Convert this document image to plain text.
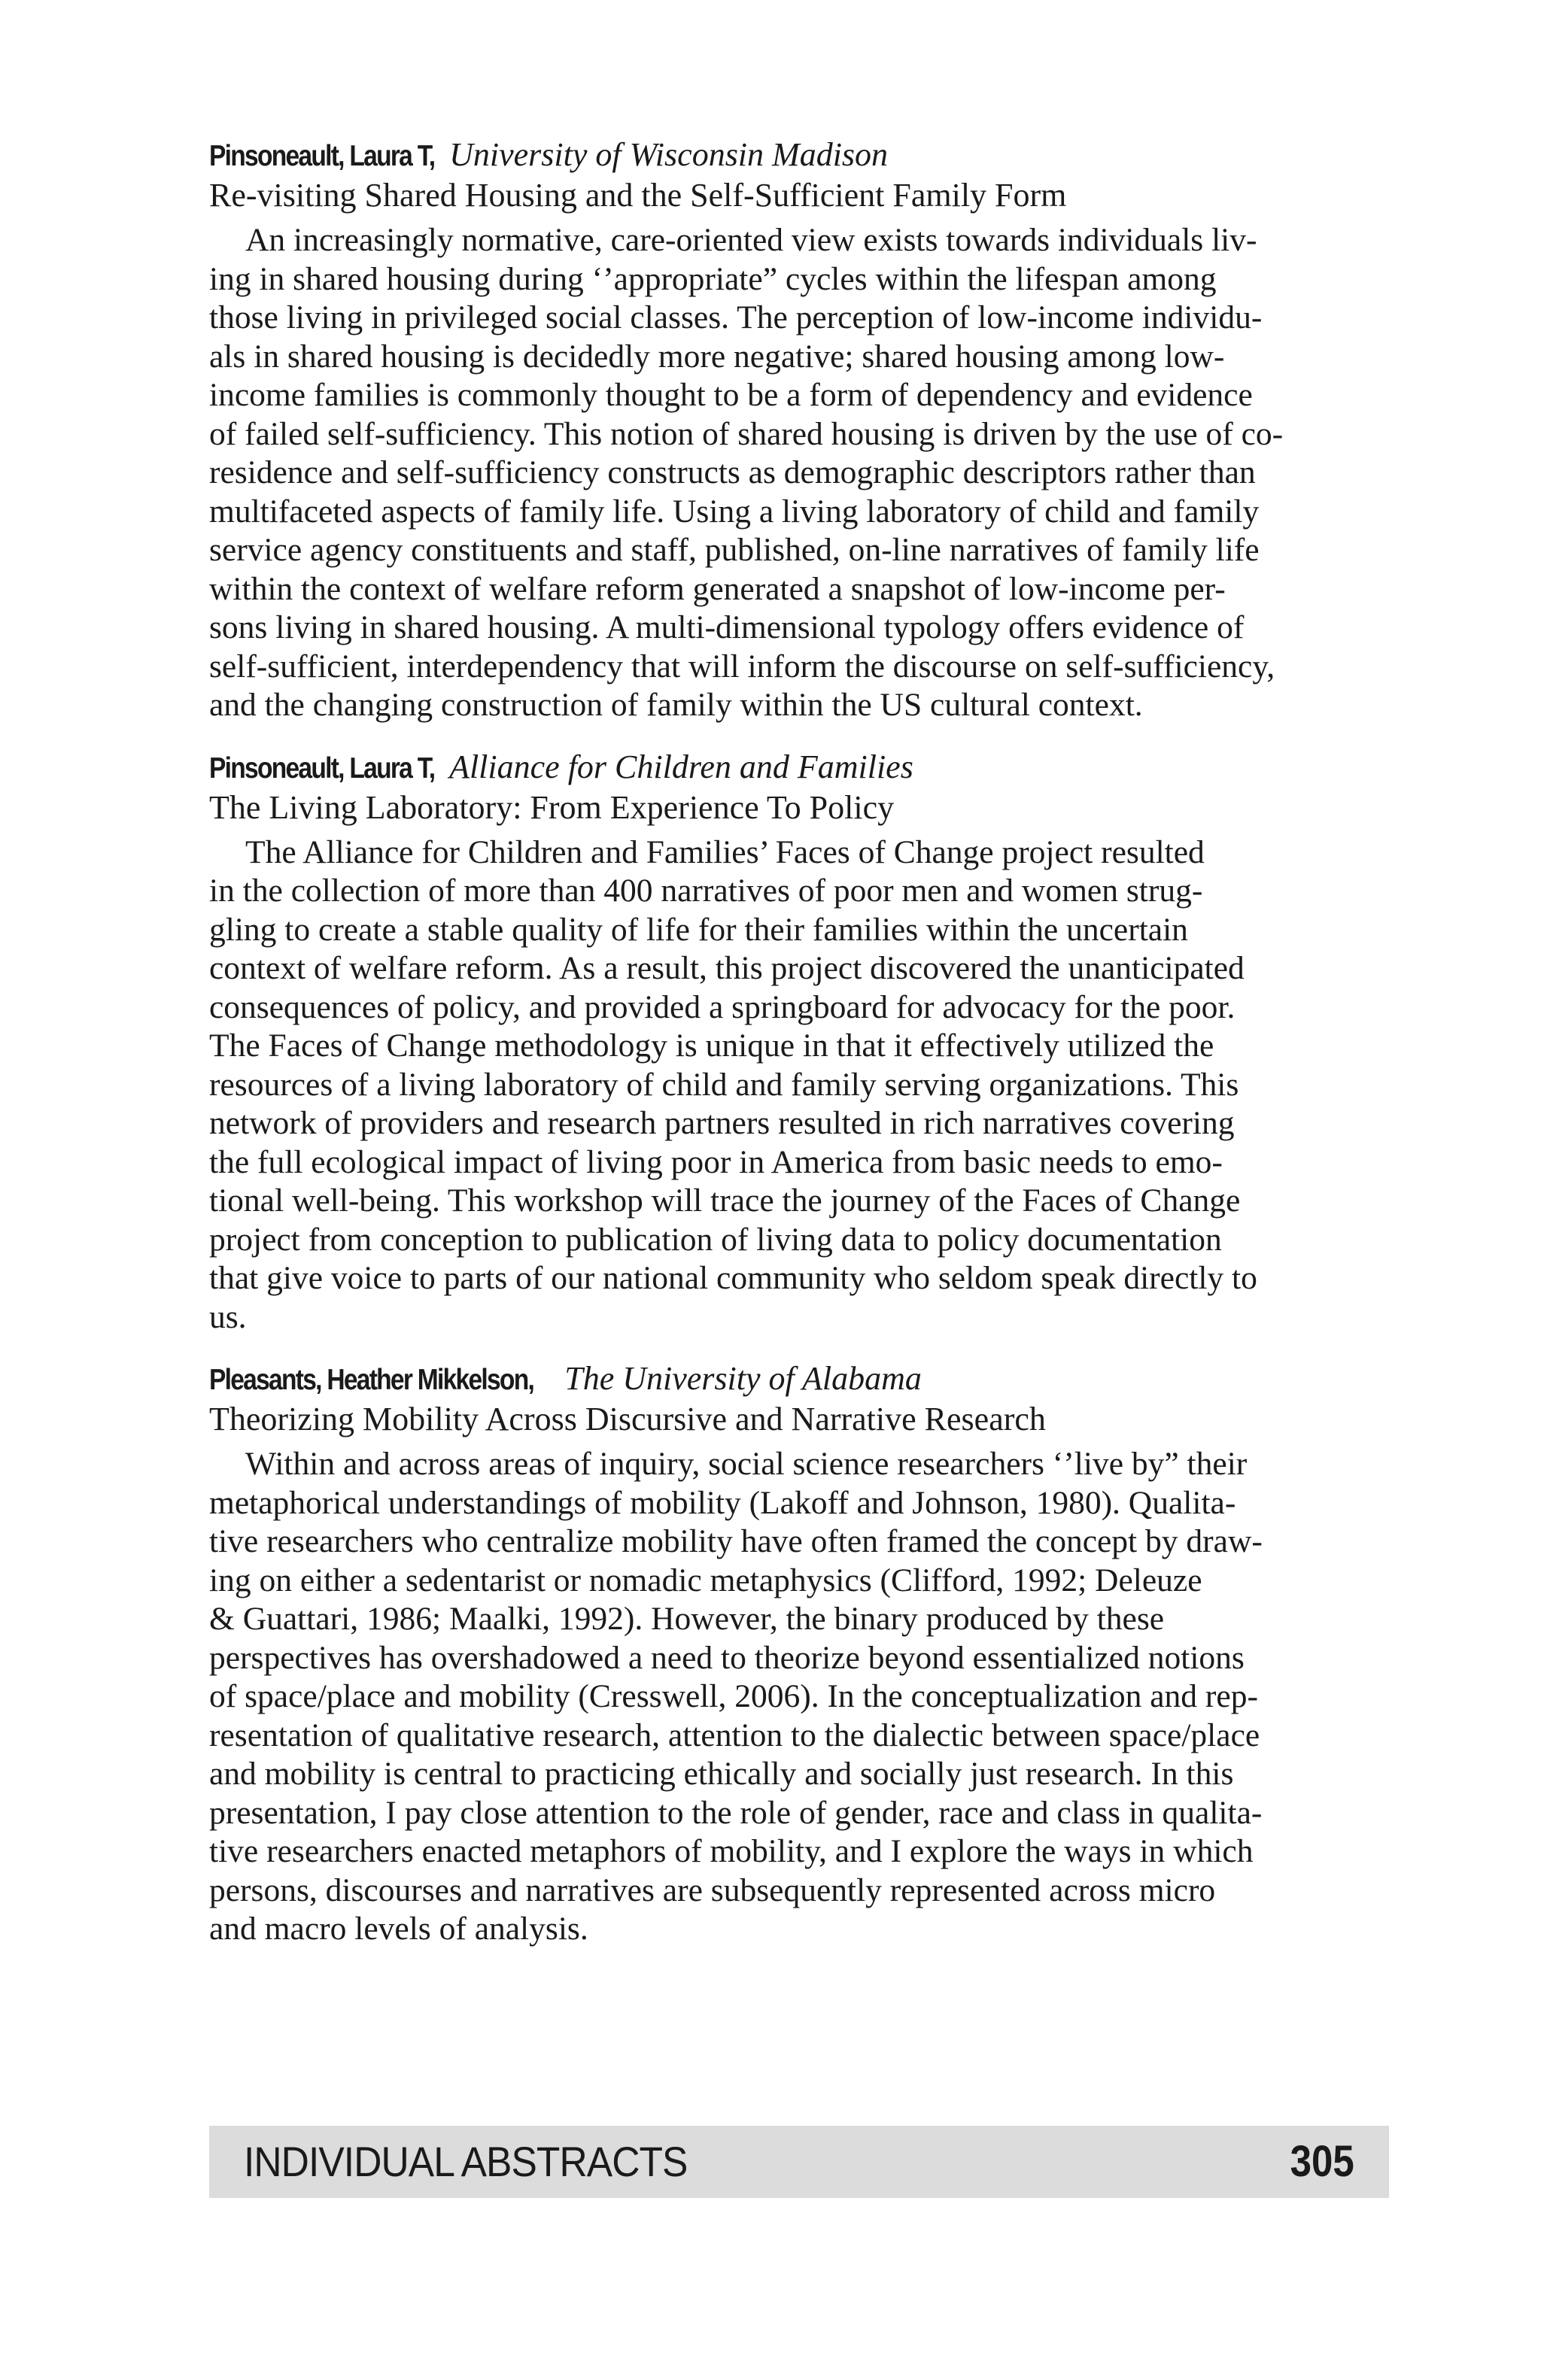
Pinsoneault, Laura T, University of Wisconsin Madison

Re-visiting Shared Housing and the Self-Sufficient Family Form

An increasingly normative, care-oriented view exists towards individuals liv-
ing in shared housing during ‘’appropriate” cycles within the lifespan among
those living in privileged social classes. The perception of low-income individu-
als in shared housing is decidedly more negative; shared housing among low-
income families is commonly thought to be a form of dependency and evidence
of failed self-sufficiency. This notion of shared housing is driven by the use of co-
residence and self-sufficiency constructs as demographic descriptors rather than
multifaceted aspects of family life. Using a living laboratory of child and family
service agency constituents and staff, published, on-line narratives of family life
within the context of welfare reform generated a snapshot of low-income per-
sons living in shared housing. A multi-dimensional typology offers evidence of
self-sufficient, interdependency that will inform the discourse on self-sufficiency,
and the changing construction of family within the US cultural context.

Pinsoneault, Laura T, Alliance for Children and Families

The Living Laboratory: From Experience To Policy

The Alliance for Children and Families’ Faces of Change project resulted
in the collection of more than 400 narratives of poor men and women strug-
gling to create a stable quality of life for their families within the uncertain
context of welfare reform. As a result, this project discovered the unanticipated
consequences of policy, and provided a springboard for advocacy for the poor.
The Faces of Change methodology is unique in that it effectively utilized the
resources of a living laboratory of child and family serving organizations. This
network of providers and research partners resulted in rich narratives covering
the full ecological impact of living poor in America from basic needs to emo-
tional well-being. This workshop will trace the journey of the Faces of Change
project from conception to publication of living data to policy documentation
that give voice to parts of our national community who seldom speak directly to
us.

Pleasants, Heather Mikkelson, The University of Alabama

Theorizing Mobility Across Discursive and Narrative Research

Within and across areas of inquiry, social science researchers ‘’live by” their
metaphorical understandings of mobility (Lakoff and Johnson, 1980). Qualita-
tive researchers who centralize mobility have often framed the concept by draw-
ing on either a sedentarist or nomadic metaphysics (Clifford, 1992; Deleuze
& Guattari, 1986; Maalki, 1992). However, the binary produced by these
perspectives has overshadowed a need to theorize beyond essentialized notions
of space/place and mobility (Cresswell, 2006). In the conceptualization and rep-
resentation of qualitative research, attention to the dialectic between space/place
and mobility is central to practicing ethically and socially just research. In this
presentation, I pay close attention to the role of gender, race and class in qualita-
tive researchers enacted metaphors of mobility, and I explore the ways in which
persons, discourses and narratives are subsequently represented across micro
and macro levels of analysis.

INDIVIDUAL ABSTRACTS	305
